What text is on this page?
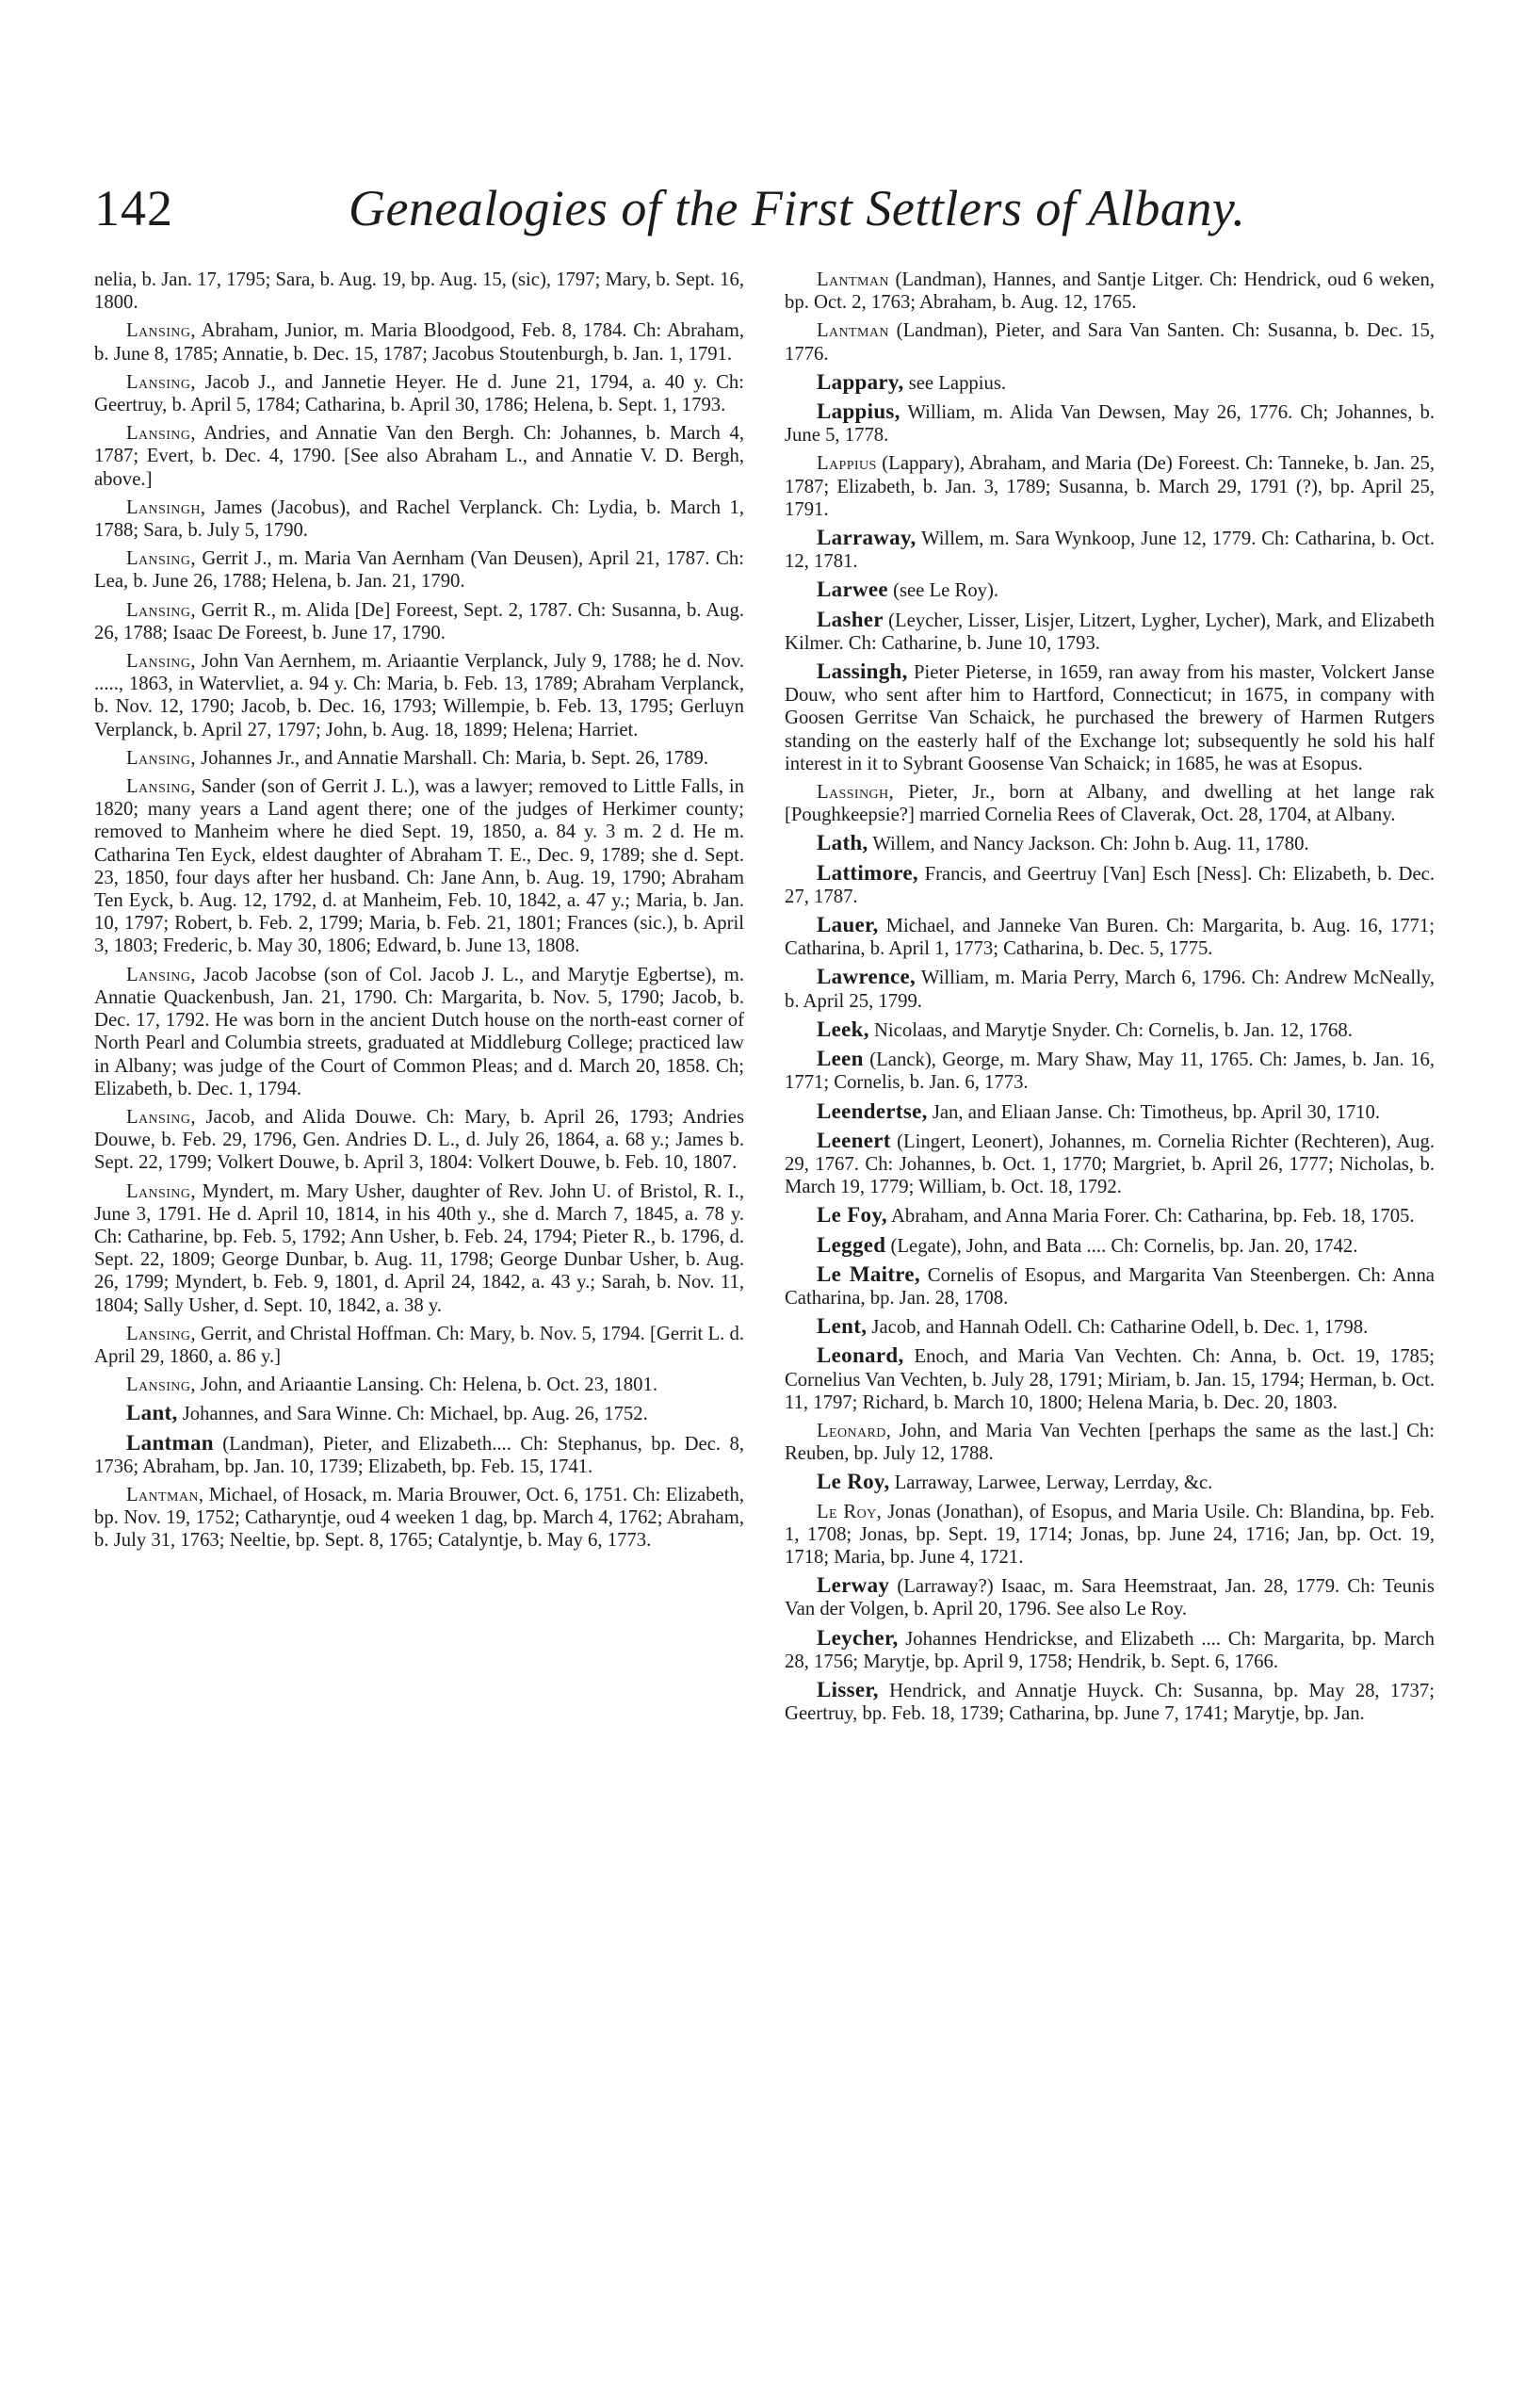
142	Genealogies of the First Settlers of Albany.

nelia, b. Jan. 17, 1795; Sara, b. Aug. 19, bp. Aug. 15, (sic), 1797; Mary, b. Sept. 16, 1800.

Lansing, Abraham, Junior, m. Maria Bloodgood, Feb. 8, 1784. Ch: Abraham, b. June 8, 1785; Annatie, b. Dec. 15, 1787; Jacobus Stoutenburgh, b. Jan. 1, 1791.

Lansing, Jacob J., and Jannetie Heyer. He d. June 21, 1794, a. 40 y. Ch: Geertruy, b. April 5, 1784; Catharina, b. April 30, 1786; Helena, b. Sept. 1, 1793.

Lansing, Andries, and Annatie Van den Bergh. Ch: Johannes, b. March 4, 1787; Evert, b. Dec. 4, 1790. [See also Abraham L., and Annatie V. D. Bergh, above.]

Lansingh, James (Jacobus), and Rachel Verplanck. Ch: Lydia, b. March 1, 1788; Sara, b. July 5, 1790.

Lansing, Gerrit J., m. Maria Van Aernham (Van Deusen), April 21, 1787. Ch: Lea, b. June 26, 1788; Helena, b. Jan. 21, 1790.

Lansing, Gerrit R., m. Alida [De] Foreest, Sept. 2, 1787. Ch: Susanna, b. Aug. 26, 1788; Isaac De Foreest, b. June 17, 1790.

Lansing, John Van Aernhem, m. Ariaantie Verplanck, July 9, 1788; he d. Nov. ....., 1863, in Watervliet, a. 94 y. Ch: Maria, b. Feb. 13, 1789; Abraham Verplanck, b. Nov. 12, 1790; Jacob, b. Dec. 16, 1793; Willempie, b. Feb. 13, 1795; Gerluyn Verplanck, b. April 27, 1797; John, b. Aug. 18, 1899; Helena; Harriet.

Lansing, Johannes Jr., and Annatie Marshall. Ch: Maria, b. Sept. 26, 1789.

Lansing, Sander (son of Gerrit J. L.), was a lawyer; removed to Little Falls, in 1820; many years a Land agent there; one of the judges of Herkimer county; removed to Manheim where he died Sept. 19, 1850, a. 84 y. 3 m. 2 d. He m. Catharina Ten Eyck, eldest daughter of Abraham T. E., Dec. 9, 1789; she d. Sept. 23, 1850, four days after her husband. Ch: Jane Ann, b. Aug. 19, 1790; Abraham Ten Eyck, b. Aug. 12, 1792, d. at Manheim, Feb. 10, 1842, a. 47 y.; Maria, b. Jan. 10, 1797; Robert, b. Feb. 2, 1799; Maria, b. Feb. 21, 1801; Frances (sic.), b. April 3, 1803; Frederic, b. May 30, 1806; Edward, b. June 13, 1808.

Lansing, Jacob Jacobse (son of Col. Jacob J. L., and Marytje Egbertse), m. Annatie Quackenbush, Jan. 21, 1790. Ch: Margarita, b. Nov. 5, 1790; Jacob, b. Dec. 17, 1792. He was born in the ancient Dutch house on the north-east corner of North Pearl and Columbia streets, graduated at Middleburg College; practiced law in Albany; was judge of the Court of Common Pleas; and d. March 20, 1858. Ch; Elizabeth, b. Dec. 1, 1794.

Lansing, Jacob, and Alida Douwe. Ch: Mary, b. April 26, 1793; Andries Douwe, b. Feb. 29, 1796, Gen. Andries D. L., d. July 26, 1864, a. 68 y.; James b. Sept. 22, 1799; Volkert Douwe, b. April 3, 1804: Volkert Douwe, b. Feb. 10, 1807.

Lansing, Myndert, m. Mary Usher, daughter of Rev. John U. of Bristol, R. I., June 3, 1791. He d. April 10, 1814, in his 40th y., she d. March 7, 1845, a. 78 y. Ch: Catharine, bp. Feb. 5, 1792; Ann Usher, b. Feb. 24, 1794; Pieter R., b. 1796, d. Sept. 22, 1809; George Dunbar, b. Aug. 11, 1798; George Dunbar Usher, b. Aug. 26, 1799; Myndert, b. Feb. 9, 1801, d. April 24, 1842, a. 43 y.; Sarah, b. Nov. 11, 1804; Sally Usher, d. Sept. 10, 1842, a. 38 y.

Lansing, Gerrit, and Christal Hoffman. Ch: Mary, b. Nov. 5, 1794. [Gerrit L. d. April 29, 1860, a. 86 y.]

Lansing, John, and Ariaantie Lansing. Ch: Helena, b. Oct. 23, 1801.

Lant, Johannes, and Sara Winne. Ch: Michael, bp. Aug. 26, 1752.

Lantman (Landman), Pieter, and Elizabeth.... Ch: Stephanus, bp. Dec. 8, 1736; Abraham, bp. Jan. 10, 1739; Elizabeth, bp. Feb. 15, 1741.

Lantman, Michael, of Hosack, m. Maria Brouwer, Oct. 6, 1751. Ch: Elizabeth, bp. Nov. 19, 1752; Catharyntje, oud 4 weeken 1 dag, bp. March 4, 1762; Abraham, b. July 31, 1763; Neeltie, bp. Sept. 8, 1765; Catalyntje, b. May 6, 1773.

Lantman (Landman), Hannes, and Santje Litger. Ch: Hendrick, oud 6 weken, bp. Oct. 2, 1763; Abraham, b. Aug. 12, 1765.

Lantman (Landman), Pieter, and Sara Van Santen. Ch: Susanna, b. Dec. 15, 1776.

Lappary, see Lappius.

Lappius, William, m. Alida Van Dewsen, May 26, 1776. Ch; Johannes, b. June 5, 1778.

Lappius (Lappary), Abraham, and Maria (De) Foreest. Ch: Tanneke, b. Jan. 25, 1787; Elizabeth, b. Jan. 3, 1789; Susanna, b. March 29, 1791 (?), bp. April 25, 1791.

Larraway, Willem, m. Sara Wynkoop, June 12, 1779. Ch: Catharina, b. Oct. 12, 1781.

Larwee (see Le Roy).

Lasher (Leycher, Lisser, Lisjer, Litzert, Lygher, Lycher), Mark, and Elizabeth Kilmer. Ch: Catharine, b. June 10, 1793.

Lassingh, Pieter Pieterse, in 1659, ran away from his master, Volckert Janse Douw, who sent after him to Hartford, Connecticut; in 1675, in company with Goosen Gerritse Van Schaick, he purchased the brewery of Harmen Rutgers standing on the easterly half of the Exchange lot; subsequently he sold his half interest in it to Sybrant Goosense Van Schaick; in 1685, he was at Esopus.

Lassingh, Pieter, Jr., born at Albany, and dwelling at het lange rak [Poughkeepsie?] married Cornelia Rees of Claverak, Oct. 28, 1704, at Albany.

Lath, Willem, and Nancy Jackson. Ch: John b. Aug. 11, 1780.

Lattimore, Francis, and Geertruy [Van] Esch [Ness]. Ch: Elizabeth, b. Dec. 27, 1787.

Lauer, Michael, and Janneke Van Buren. Ch: Margarita, b. Aug. 16, 1771; Catharina, b. April 1, 1773; Catharina, b. Dec. 5, 1775.

Lawrence, William, m. Maria Perry, March 6, 1796. Ch: Andrew McNeally, b. April 25, 1799.

Leek, Nicolaas, and Marytje Snyder. Ch: Cornelis, b. Jan. 12, 1768.

Leen (Lanck), George, m. Mary Shaw, May 11, 1765. Ch: James, b. Jan. 16, 1771; Cornelis, b. Jan. 6, 1773.

Leendertse, Jan, and Eliaan Janse. Ch: Timotheus, bp. April 30, 1710.

Leenert (Lingert, Leonert), Johannes, m. Cornelia Richter (Rechteren), Aug. 29, 1767. Ch: Johannes, b. Oct. 1, 1770; Margriet, b. April 26, 1777; Nicholas, b. March 19, 1779; William, b. Oct. 18, 1792.

Le Foy, Abraham, and Anna Maria Forer. Ch: Catharina, bp. Feb. 18, 1705.

Legged (Legate), John, and Bata .... Ch: Cornelis, bp. Jan. 20, 1742.

Le Maitre, Cornelis of Esopus, and Margarita Van Steenbergen. Ch: Anna Catharina, bp. Jan. 28, 1708.

Lent, Jacob, and Hannah Odell. Ch: Catharine Odell, b. Dec. 1, 1798.

Leonard, Enoch, and Maria Van Vechten. Ch: Anna, b. Oct. 19, 1785; Cornelius Van Vechten, b. July 28, 1791; Miriam, b. Jan. 15, 1794; Herman, b. Oct. 11, 1797; Richard, b. March 10, 1800; Helena Maria, b. Dec. 20, 1803.

Leonard, John, and Maria Van Vechten [perhaps the same as the last.] Ch: Reuben, bp. July 12, 1788.

Le Roy, Larraway, Larwee, Lerway, Lerrday, &c.

Le Roy, Jonas (Jonathan), of Esopus, and Maria Usile. Ch: Blandina, bp. Feb. 1, 1708; Jonas, bp. Sept. 19, 1714; Jonas, bp. June 24, 1716; Jan, bp. Oct. 19, 1718; Maria, bp. June 4, 1721.

Lerway (Larraway?) Isaac, m. Sara Heemstraat, Jan. 28, 1779. Ch: Teunis Van der Volgen, b. April 20, 1796. See also Le Roy.

Leycher, Johannes Hendrickse, and Elizabeth .... Ch: Margarita, bp. March 28, 1756; Marytje, bp. April 9, 1758; Hendrik, b. Sept. 6, 1766.

Lisser, Hendrick, and Annatje Huyck. Ch: Susanna, bp. May 28, 1737; Geertruy, bp. Feb. 18, 1739; Catharina, bp. June 7, 1741; Marytje, bp. Jan.
